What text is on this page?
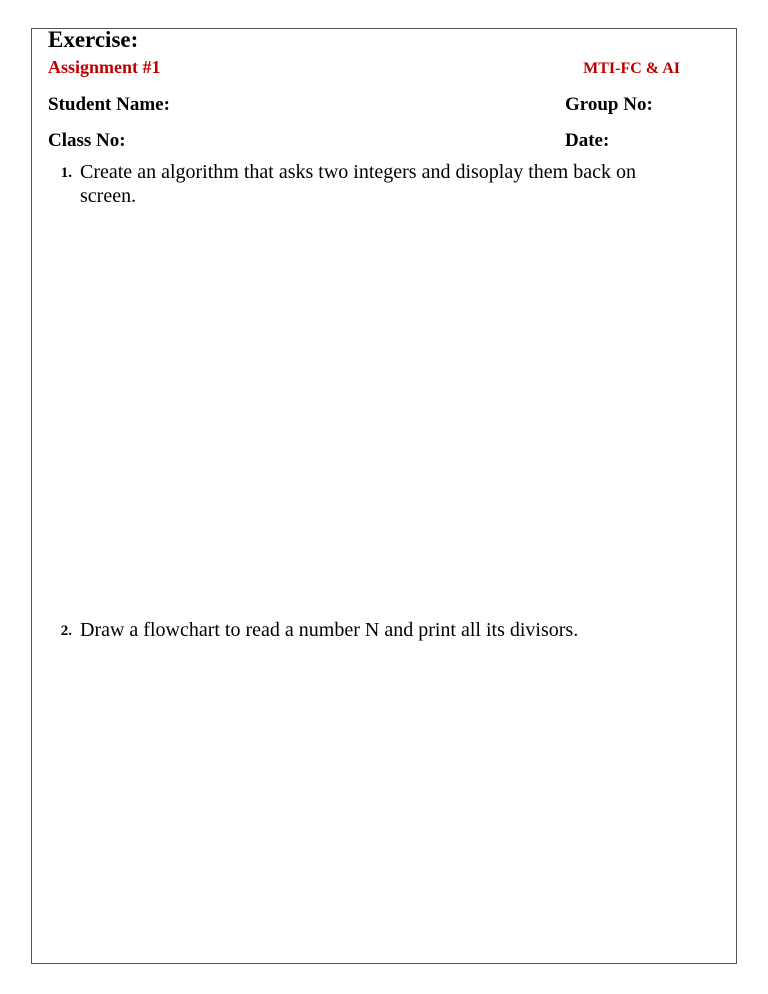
Exercise:
Assignment #1	MTI-FC & AI
Student Name:	Group No:
Class No:	Date:
1. Create an algorithm that asks two integers and disoplay them back on screen.
2. Draw a flowchart to read a number N and print all its divisors.
